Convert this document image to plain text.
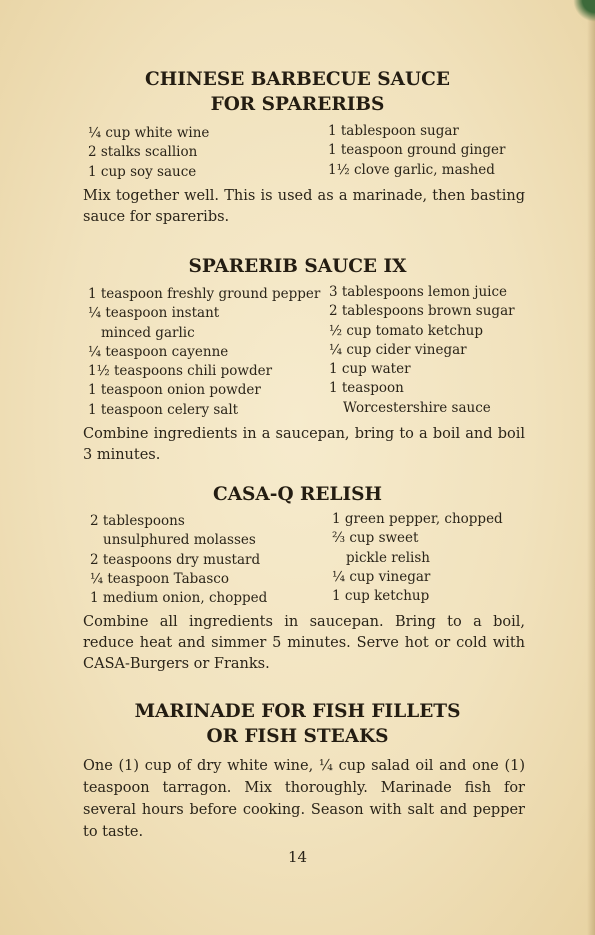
CHINESE BARBECUE SAUCE
FOR SPARERIBS
¼ cup white wine
2 stalks scallion
1 cup soy sauce
1 tablespoon sugar
1 teaspoon ground ginger
1½ clove garlic, mashed
Mix together well. This is used as a marinade, then basting sauce for spareribs.
SPARERIB SAUCE IX
1 teaspoon freshly ground pepper
¼ teaspoon instant
minced garlic
¼ teaspoon cayenne
1½ teaspoons chili powder
1 teaspoon onion powder
1 teaspoon celery salt
3 tablespoons lemon juice
2 tablespoons brown sugar
½ cup tomato ketchup
¼ cup cider vinegar
1 cup water
1 teaspoon
Worcestershire sauce
Combine ingredients in a saucepan, bring to a boil and boil 3 minutes.
CASA-Q RELISH
2 tablespoons
unsulphured molasses
2 teaspoons dry mustard
¼ teaspoon Tabasco
1 medium onion, chopped
1 green pepper, chopped
⅔ cup sweet
pickle relish
¼ cup vinegar
1 cup ketchup
Combine all ingredients in saucepan. Bring to a boil, reduce heat and simmer 5 minutes. Serve hot or cold with CASA-Burgers or Franks.
MARINADE FOR FISH FILLETS
OR FISH STEAKS
One (1) cup of dry white wine, ¼ cup salad oil and one (1) teaspoon tarragon. Mix thoroughly. Marinade fish for several hours before cooking. Season with salt and pepper to taste.
14
